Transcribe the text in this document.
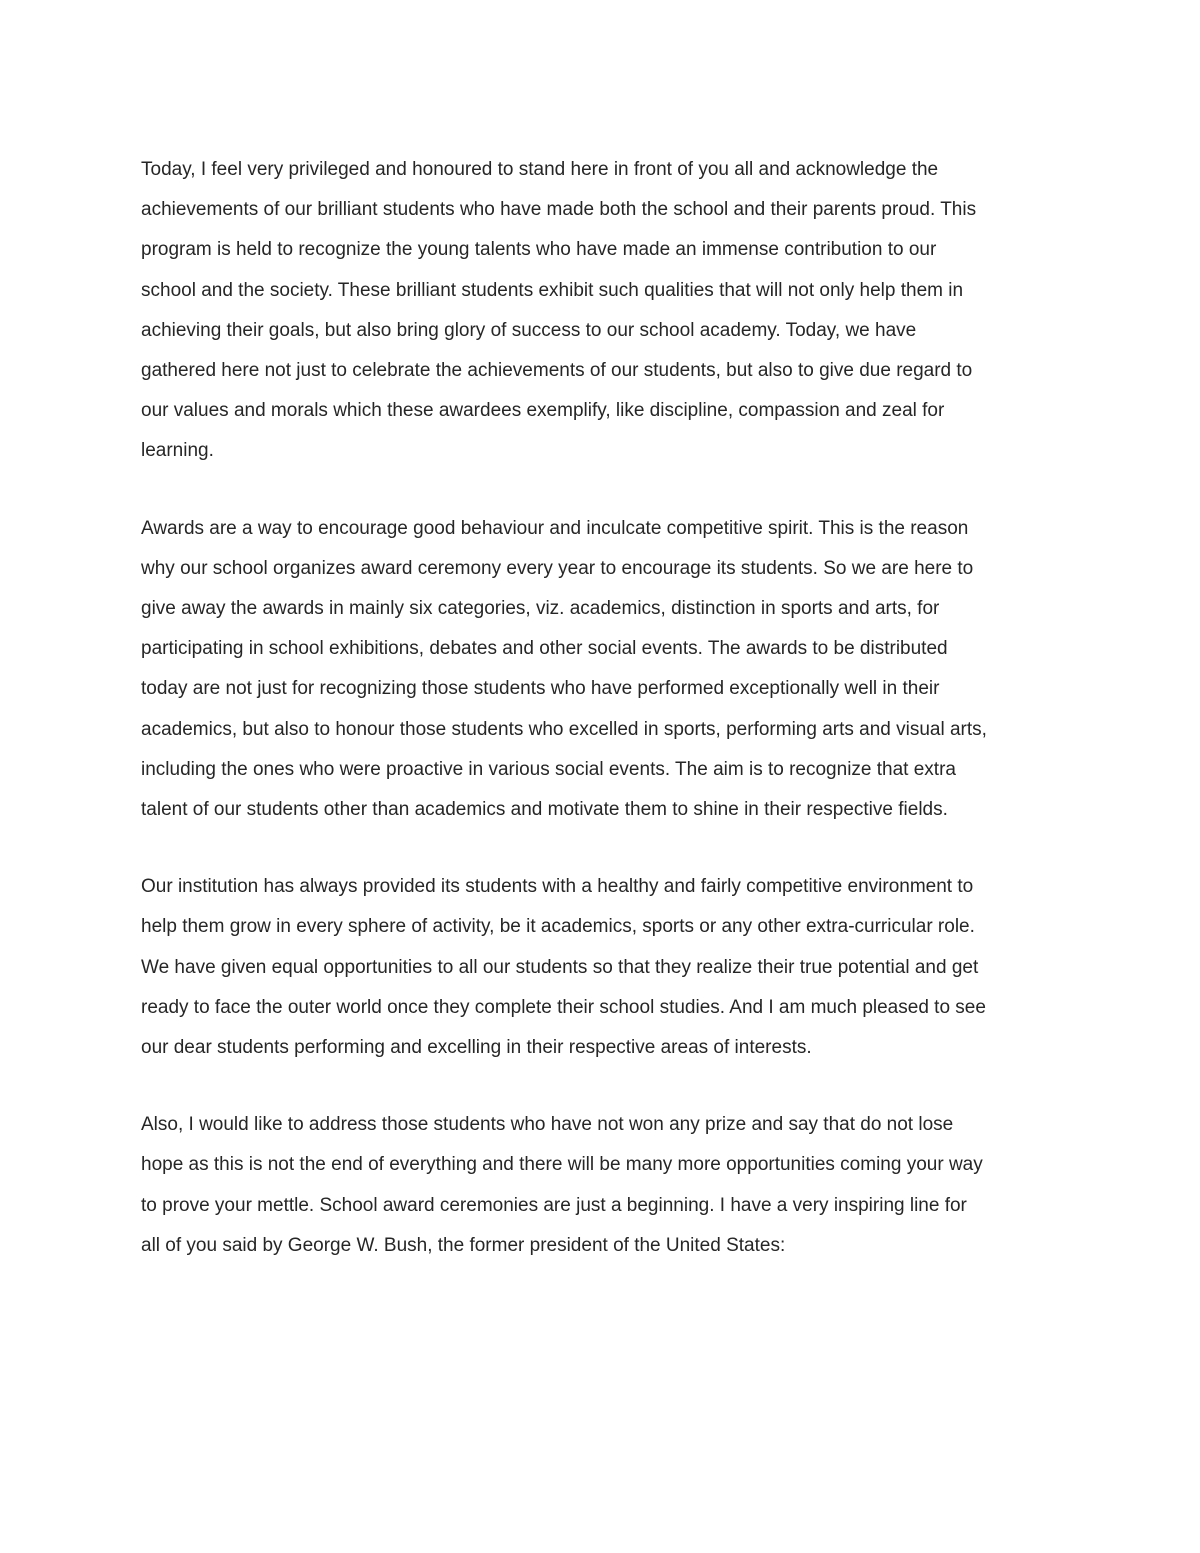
Today, I feel very privileged and honoured to stand here in front of you all and acknowledge the
achievements of our brilliant students who have made both the school and their parents proud. This
program is held to recognize the young talents who have made an immense contribution to our
school and the society. These brilliant students exhibit such qualities that will not only help them in
achieving their goals, but also bring glory of success to our school academy. Today, we have
gathered here not just to celebrate the achievements of our students, but also to give due regard to
our values and morals which these awardees exemplify, like discipline, compassion and zeal for
learning.

Awards are a way to encourage good behaviour and inculcate competitive spirit. This is the reason
why our school organizes award ceremony every year to encourage its students. So we are here to
give away the awards in mainly six categories, viz. academics, distinction in sports and arts, for
participating in school exhibitions, debates and other social events. The awards to be distributed
today are not just for recognizing those students who have performed exceptionally well in their
academics, but also to honour those students who excelled in sports, performing arts and visual arts,
including the ones who were proactive in various social events. The aim is to recognize that extra
talent of our students other than academics and motivate them to shine in their respective fields.

Our institution has always provided its students with a healthy and fairly competitive environment to
help them grow in every sphere of activity, be it academics, sports or any other extra-curricular role.
We have given equal opportunities to all our students so that they realize their true potential and get
ready to face the outer world once they complete their school studies. And I am much pleased to see
our dear students performing and excelling in their respective areas of interests.

Also, I would like to address those students who have not won any prize and say that do not lose
hope as this is not the end of everything and there will be many more opportunities coming your way
to prove your mettle. School award ceremonies are just a beginning. I have a very inspiring line for
all of you said by George W. Bush, the former president of the United States:
